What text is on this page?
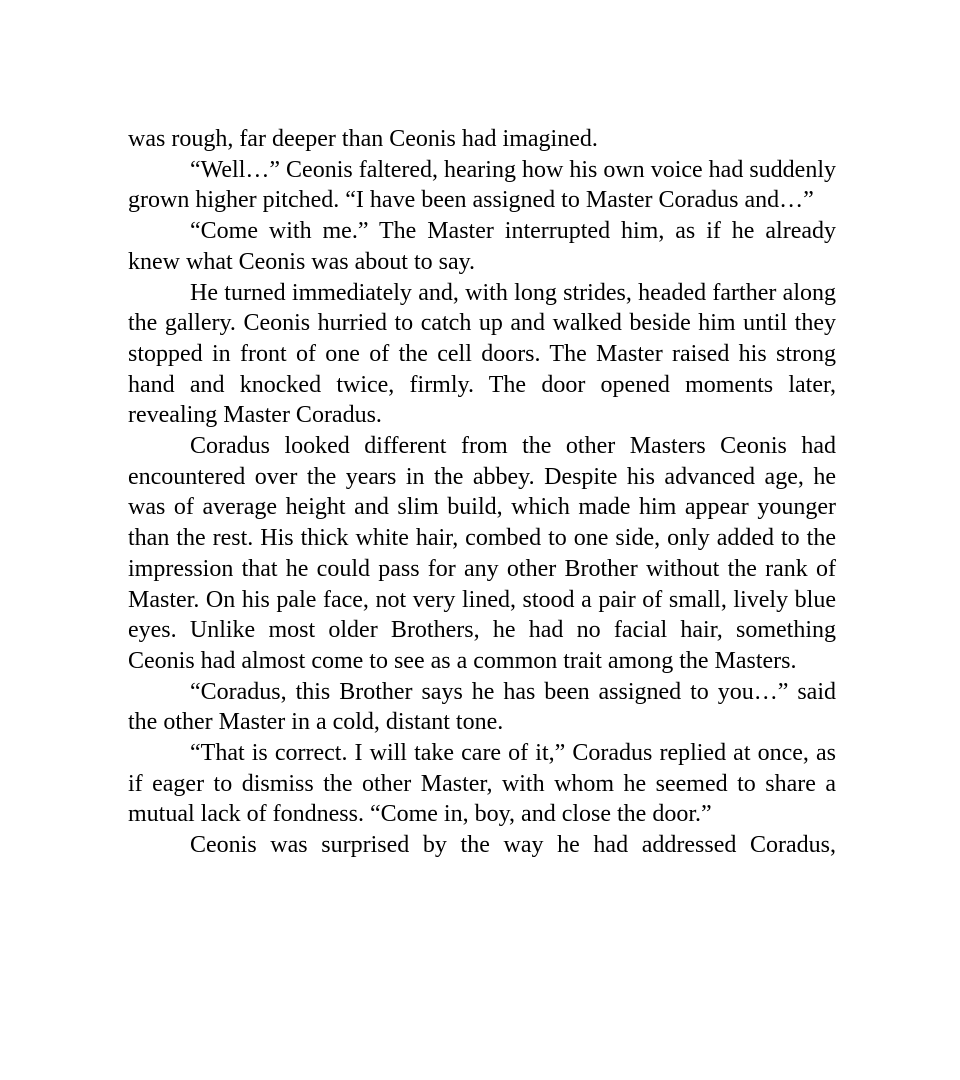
was rough, far deeper than Ceonis had imagined.

“Well…” Ceonis faltered, hearing how his own voice had suddenly grown higher pitched. “I have been assigned to Master Coradus and…”

“Come with me.” The Master interrupted him, as if he already knew what Ceonis was about to say.

He turned immediately and, with long strides, headed farther along the gallery. Ceonis hurried to catch up and walked beside him until they stopped in front of one of the cell doors. The Master raised his strong hand and knocked twice, firmly. The door opened moments later, revealing Master Coradus.

Coradus looked different from the other Masters Ceonis had encountered over the years in the abbey. Despite his advanced age, he was of average height and slim build, which made him appear younger than the rest. His thick white hair, combed to one side, only added to the impression that he could pass for any other Brother without the rank of Master. On his pale face, not very lined, stood a pair of small, lively blue eyes. Unlike most older Brothers, he had no facial hair, something Ceonis had almost come to see as a common trait among the Masters.

“Coradus, this Brother says he has been assigned to you…” said the other Master in a cold, distant tone.

“That is correct. I will take care of it,” Coradus replied at once, as if eager to dismiss the other Master, with whom he seemed to share a mutual lack of fondness. “Come in, boy, and close the door.”

Ceonis was surprised by the way he had addressed Coradus,
